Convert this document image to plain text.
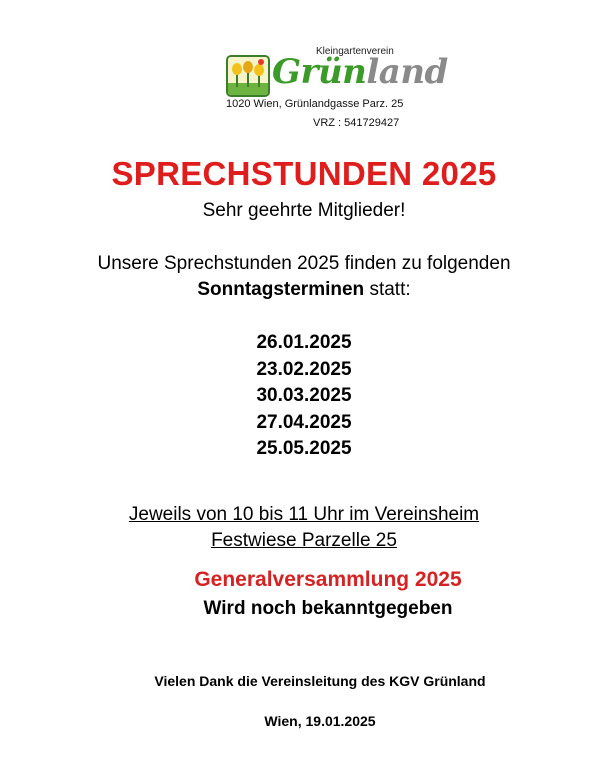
Kleingartenverein
Grünland
1020 Wien, Grünlandgasse Parz. 25
VRZ : 541729427
SPRECHSTUNDEN 2025
Sehr geehrte Mitglieder!
Unsere Sprechstunden 2025 finden zu folgenden
Sonntagsterminen statt:
26.01.2025
23.02.2025
30.03.2025
27.04.2025
25.05.2025
Jeweils von 10 bis 11 Uhr im Vereinsheim
Festwiese Parzelle 25
Generalversammlung 2025
Wird noch bekanntgegeben
Vielen Dank die Vereinsleitung des KGV Grünland
Wien, 19.01.2025
